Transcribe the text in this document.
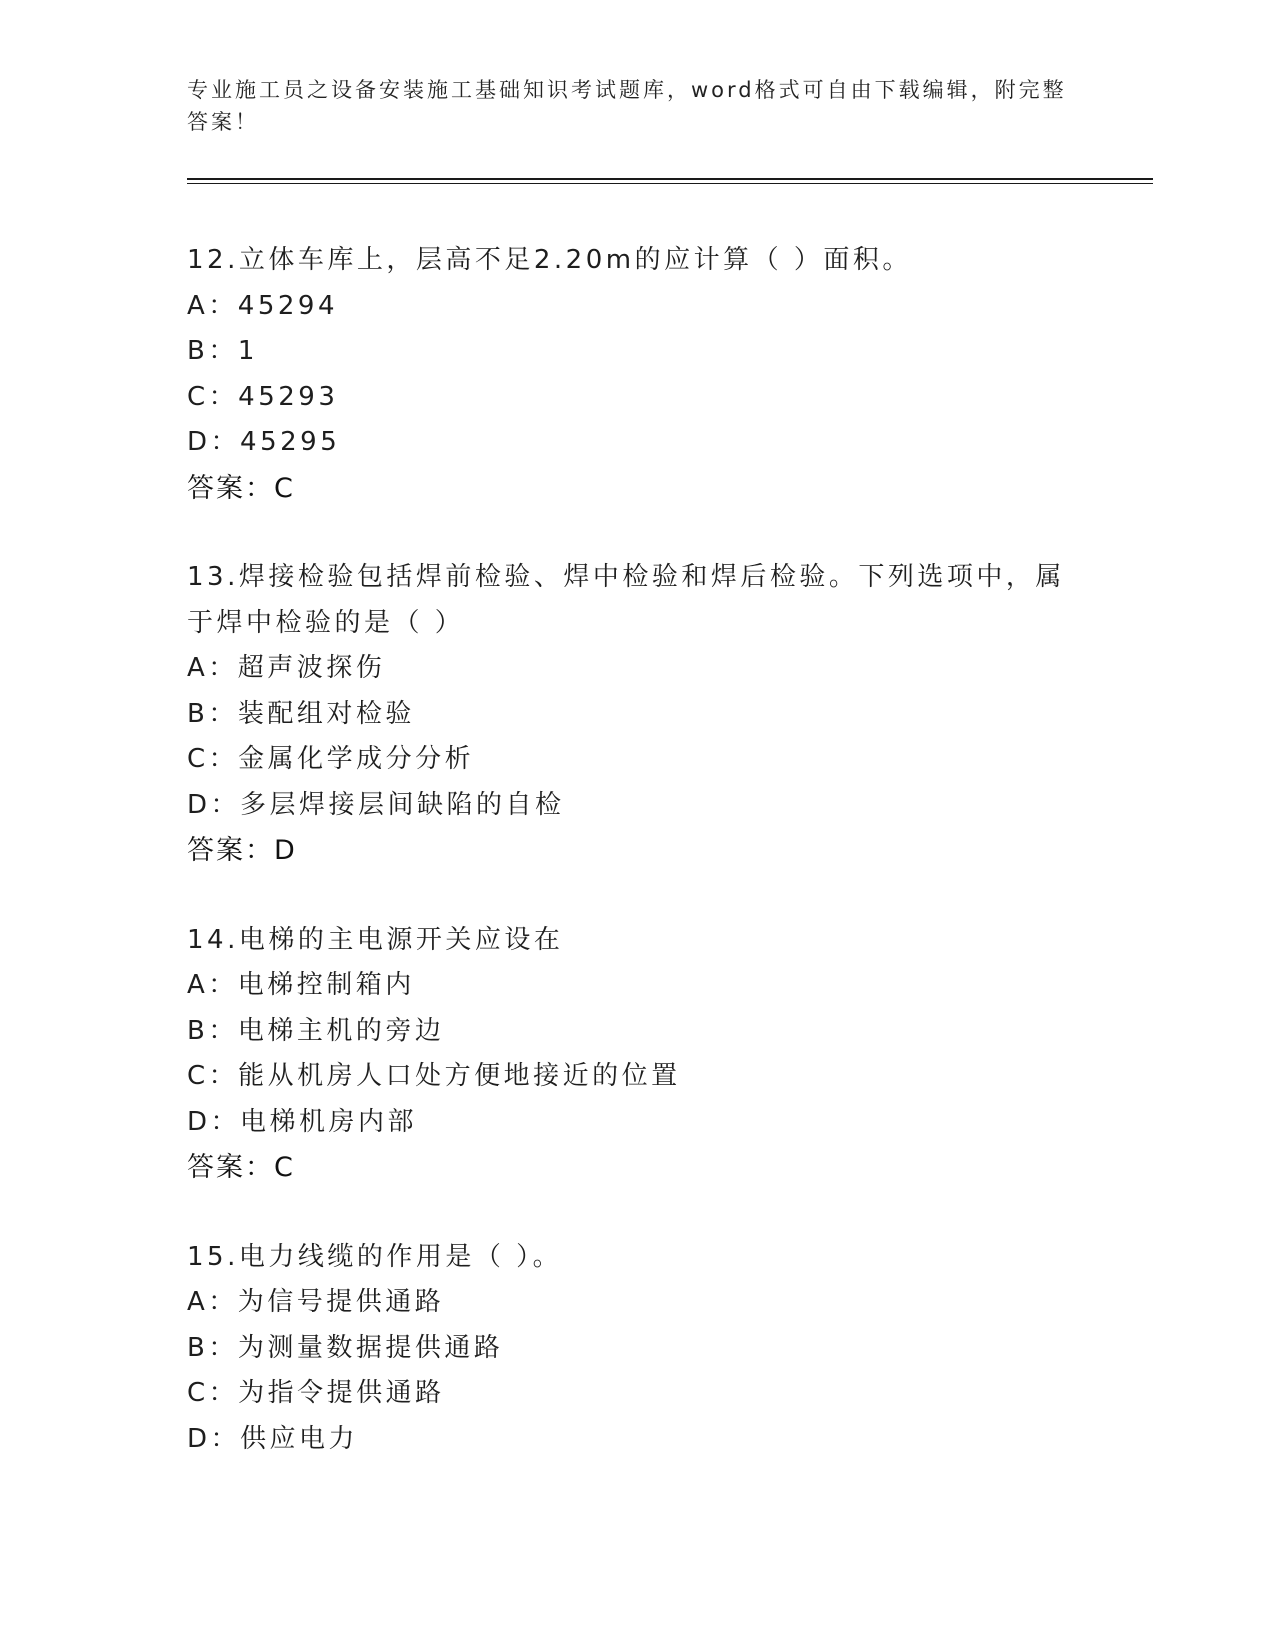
专业施工员之设备安装施工基础知识考试题库，word格式可自由下载编辑，附完整答案！
12.立体车库上，层高不足2.20m的应计算（ ）面积。
A：45294
B：1
C：45293
D：45295
答案：C
13.焊接检验包括焊前检验、焊中检验和焊后检验。下列选项中，属于焊中检验的是（ ）
A：超声波探伤
B：装配组对检验
C：金属化学成分分析
D：多层焊接层间缺陷的自检
答案：D
14.电梯的主电源开关应设在
A：电梯控制箱内
B：电梯主机的旁边
C：能从机房人口处方便地接近的位置
D：电梯机房内部
答案：C
15.电力线缆的作用是（ ）。
A：为信号提供通路
B：为测量数据提供通路
C：为指令提供通路
D：供应电力
